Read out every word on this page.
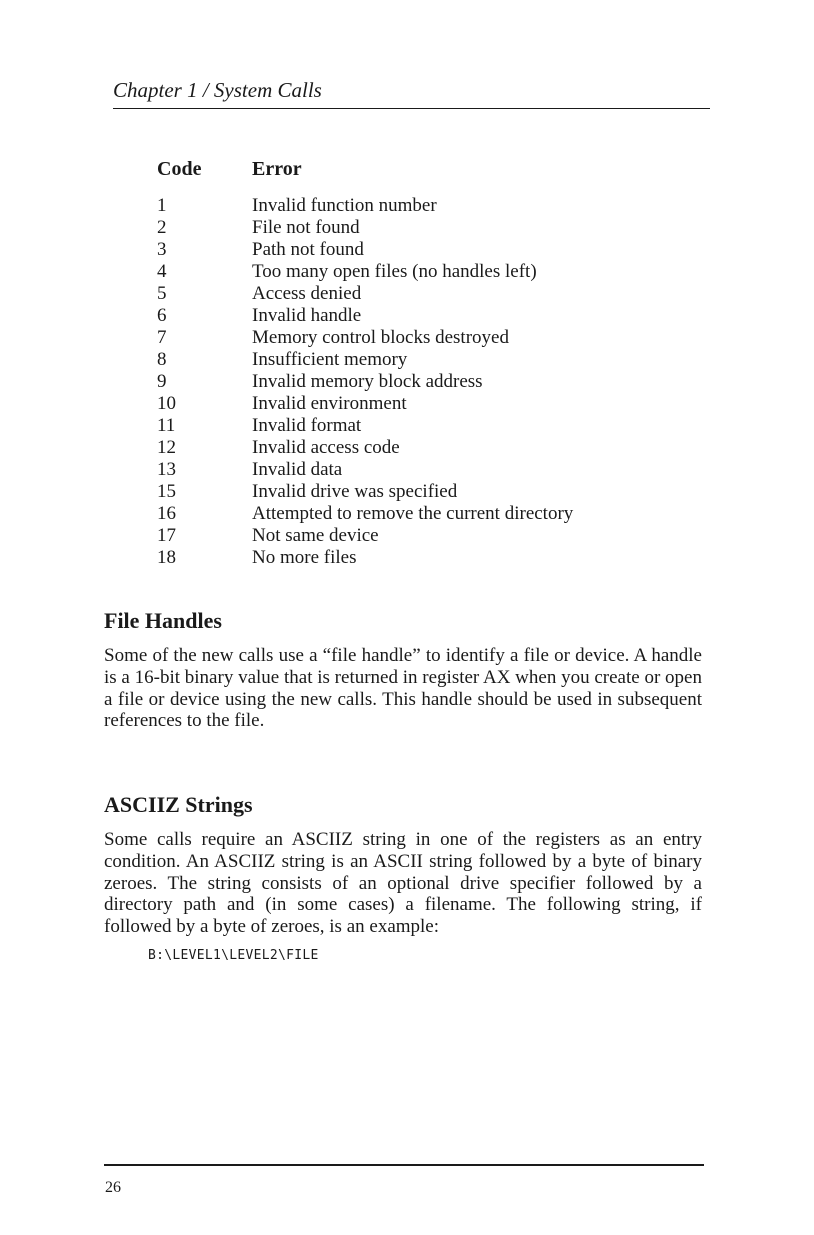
Chapter 1 / System Calls
Code	Error

1	Invalid function number
2	File not found
3	Path not found
4	Too many open files (no handles left)
5	Access denied
6	Invalid handle
7	Memory control blocks destroyed
8	Insufficient memory
9	Invalid memory block address
10	Invalid environment
11	Invalid format
12	Invalid access code
13	Invalid data
15	Invalid drive was specified
16	Attempted to remove the current directory
17	Not same device
18	No more files
File Handles

Some of the new calls use a “file handle” to identify a file or device. A handle is a 16-bit binary value that is returned in register AX when you create or open a file or device using the new calls. This handle should be used in subsequent references to the file.

ASCIIZ Strings

Some calls require an ASCIIZ string in one of the registers as an entry condition. An ASCIIZ string is an ASCII string followed by a byte of binary zeroes. The string consists of an optional drive specifier followed by a directory path and (in some cases) a filename. The following string, if followed by a byte of zeroes, is an example:

B:\LEVEL1\LEVEL2\FILE
26
